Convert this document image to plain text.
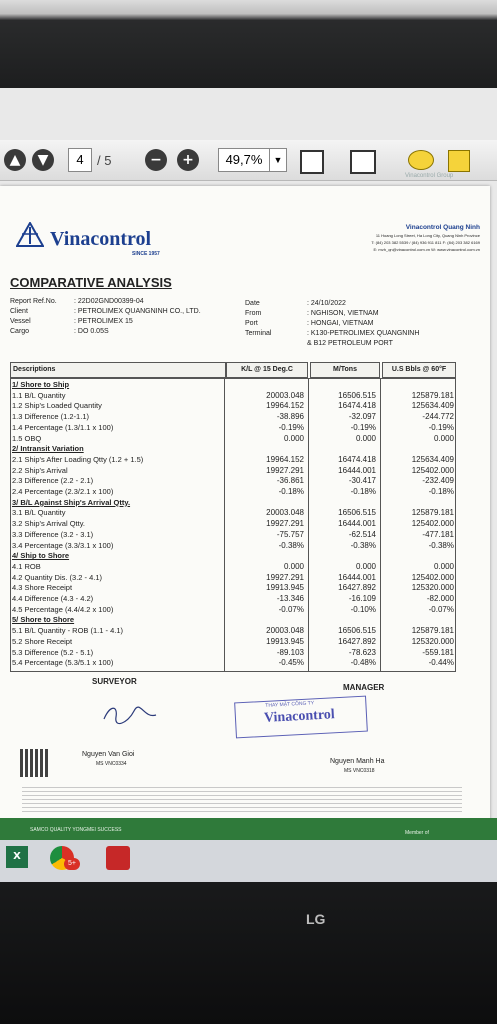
▲	▼	4	/ 5	−	+	49,7%	▼
Vinacontrol Group
Vinacontrol
SINCE 1957
Vinacontrol Quang Ninh
11 Hoang Long Street, Ha Long City, Quang Ninh Province
T: (84) 203 382 5539 / (84) 936 911 811 F: (84) 203 382 6169
E: mvh_qn@vinacontrol.com.vn W: www.vinacontrol.com.vn
COMPARATIVE ANALYSIS
Report Ref.No. : 22D02GND00399-04
Client	: PETROLIMEX QUANGNINH CO., LTD.
Vessel	: PETROLIMEX 15
Cargo	: DO 0.05S
Date	: 24/10/2022
From	: NGHISON, VIETNAM
Port	: HONGAI, VIETNAM
Terminal	: K130-PETROLIMEX QUANGNINH
& B12 PETROLEUM PORT
Descriptions	K/L @ 15 Deg.C	M/Tons	U.S Bbls @ 60°F
1/ Shore to Ship
1.1 B/L Quantity	20003.048	16506.515	125879.181
1.2 Ship's Loaded Quantity	19964.152	16474.418	125634.409
1.3 Difference (1.2-1.1)	-38.896	-32.097	-244.772
1.4 Percentage (1.3/1.1 x 100)	-0.19%	-0.19%	-0.19%
1.5 OBQ	0.000	0.000	0.000
2/ Intransit Variation
2.1 Ship's After Loading Qtty (1.2 + 1.5)	19964.152	16474.418	125634.409
2.2 Ship's Arrival	19927.291	16444.001	125402.000
2.3 Difference (2.2 - 2.1)	-36.861	-30.417	-232.409
2.4 Percentage (2.3/2.1 x 100)	-0.18%	-0.18%	-0.18%
3/ B/L Against Ship's Arrival Qtty.
3.1 B/L Quantity	20003.048	16506.515	125879.181
3.2 Ship's Arrival Qtty.	19927.291	16444.001	125402.000
3.3 Difference (3.2 - 3.1)	-75.757	-62.514	-477.181
3.4 Percentage (3.3/3.1 x 100)	-0.38%	-0.38%	-0.38%
4/ Ship to Shore
4.1 ROB	0.000	0.000	0.000
4.2 Quantity Dis. (3.2 - 4.1)	19927.291	16444.001	125402.000
4.3 Shore Receipt	19913.945	16427.892	125320.000
4.4 Difference (4.3 - 4.2)	-13.346	-16.109	-82.000
4.5 Percentage (4.4/4.2 x 100)	-0.07%	-0.10%	-0.07%
5/ Shore to Shore
5.1 B/L Quantity - ROB (1.1 - 4.1)	20003.048	16506.515	125879.181
5.2 Shore Receipt	19913.945	16427.892	125320.000
5.3 Difference (5.2 - 5.1)	-89.103	-78.623	-559.181
5.4 Percentage (5.3/5.1 x 100)	-0.45%	-0.48%	-0.44%
SURVEYOR
MANAGER
THAY MẶT CÔNG TY
Vinacontrol
Nguyen Van Gioi
MS VNC0334	Nguyen Manh Ha
MS VNC0318
SAMCO QUALITY YONGMEI SUCCESS	Member of
X
5+
LG
